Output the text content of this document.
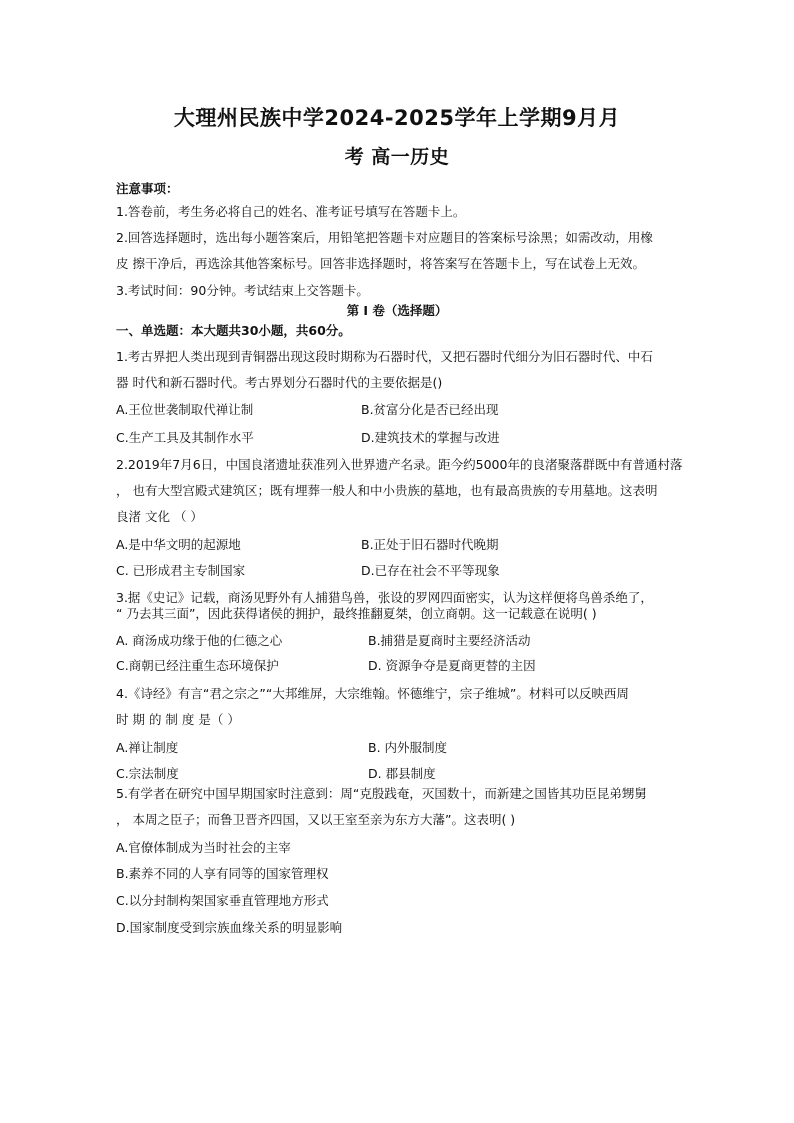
大理州民族中学2024-2025学年上学期9月月
考 高一历史
注意事项：
1.答卷前，考生务必将自己的姓名、准考证号填写在答题卡上。
2.回答选择题时，选出每小题答案后，用铅笔把答题卡对应题目的答案标号涂黑；如需改动，用橡
皮 擦干净后，再选涂其他答案标号。回答非选择题时，将答案写在答题卡上，写在试卷上无效。
3.考试时间：90分钟。考试结束上交答题卡。
第 I 卷（选择题）
一、单选题：本大题共30小题，共60分。
1.考古界把人类出现到青铜器出现这段时期称为石器时代，又把石器时代细分为旧石器时代、中石
器 时代和新石器时代。考古界划分石器时代的主要依据是()
A.王位世袭制取代禅让制	B.贫富分化是否已经出现
C.生产工具及其制作水平	D.建筑技术的掌握与改进
2.2019年7月6日，中国良渚遗址获准列入世界遗产名录。距今约5000年的良渚聚落群既中有普通村落
， 也有大型宫殿式建筑区；既有埋葬一般人和中小贵族的墓地，也有最高贵族的专用墓地。这表明
良渚 文化 （ ）
A.是中华文明的起源地	B.正处于旧石器时代晚期
C. 已形成君主专制国家	D.已存在社会不平等现象
3.据《史记》记载，商汤见野外有人捕猎鸟兽，张设的罗网四面密实，认为这样便将鸟兽杀绝了，
“ 乃去其三面”，因此获得诸侯的拥护，最终推翻夏桀，创立商朝。这一记载意在说明( )
A. 商汤成功缘于他的仁德之心	B.捕猎是夏商时主要经济活动
C.商朝已经注重生态环境保护	D. 资源争夺是夏商更替的主因
4.《诗经》有言“君之宗之”“大邦维屏，大宗维翰。怀德维宁，宗子维城”。材料可以反映西周
时 期 的 制 度 是（ ）
A.禅让制度	B. 内外服制度
C.宗法制度	D. 郡县制度
5.有学者在研究中国早期国家时注意到：周“克殷践奄，灭国数十，而新建之国皆其功臣昆弟甥舅
， 本周之臣子；而鲁卫晋齐四国，又以王室至亲为东方大藩”。这表明( )
A.官僚体制成为当时社会的主宰
B.素养不同的人享有同等的国家管理权
C.以分封制构架国家垂直管理地方形式
D.国家制度受到宗族血缘关系的明显影响
